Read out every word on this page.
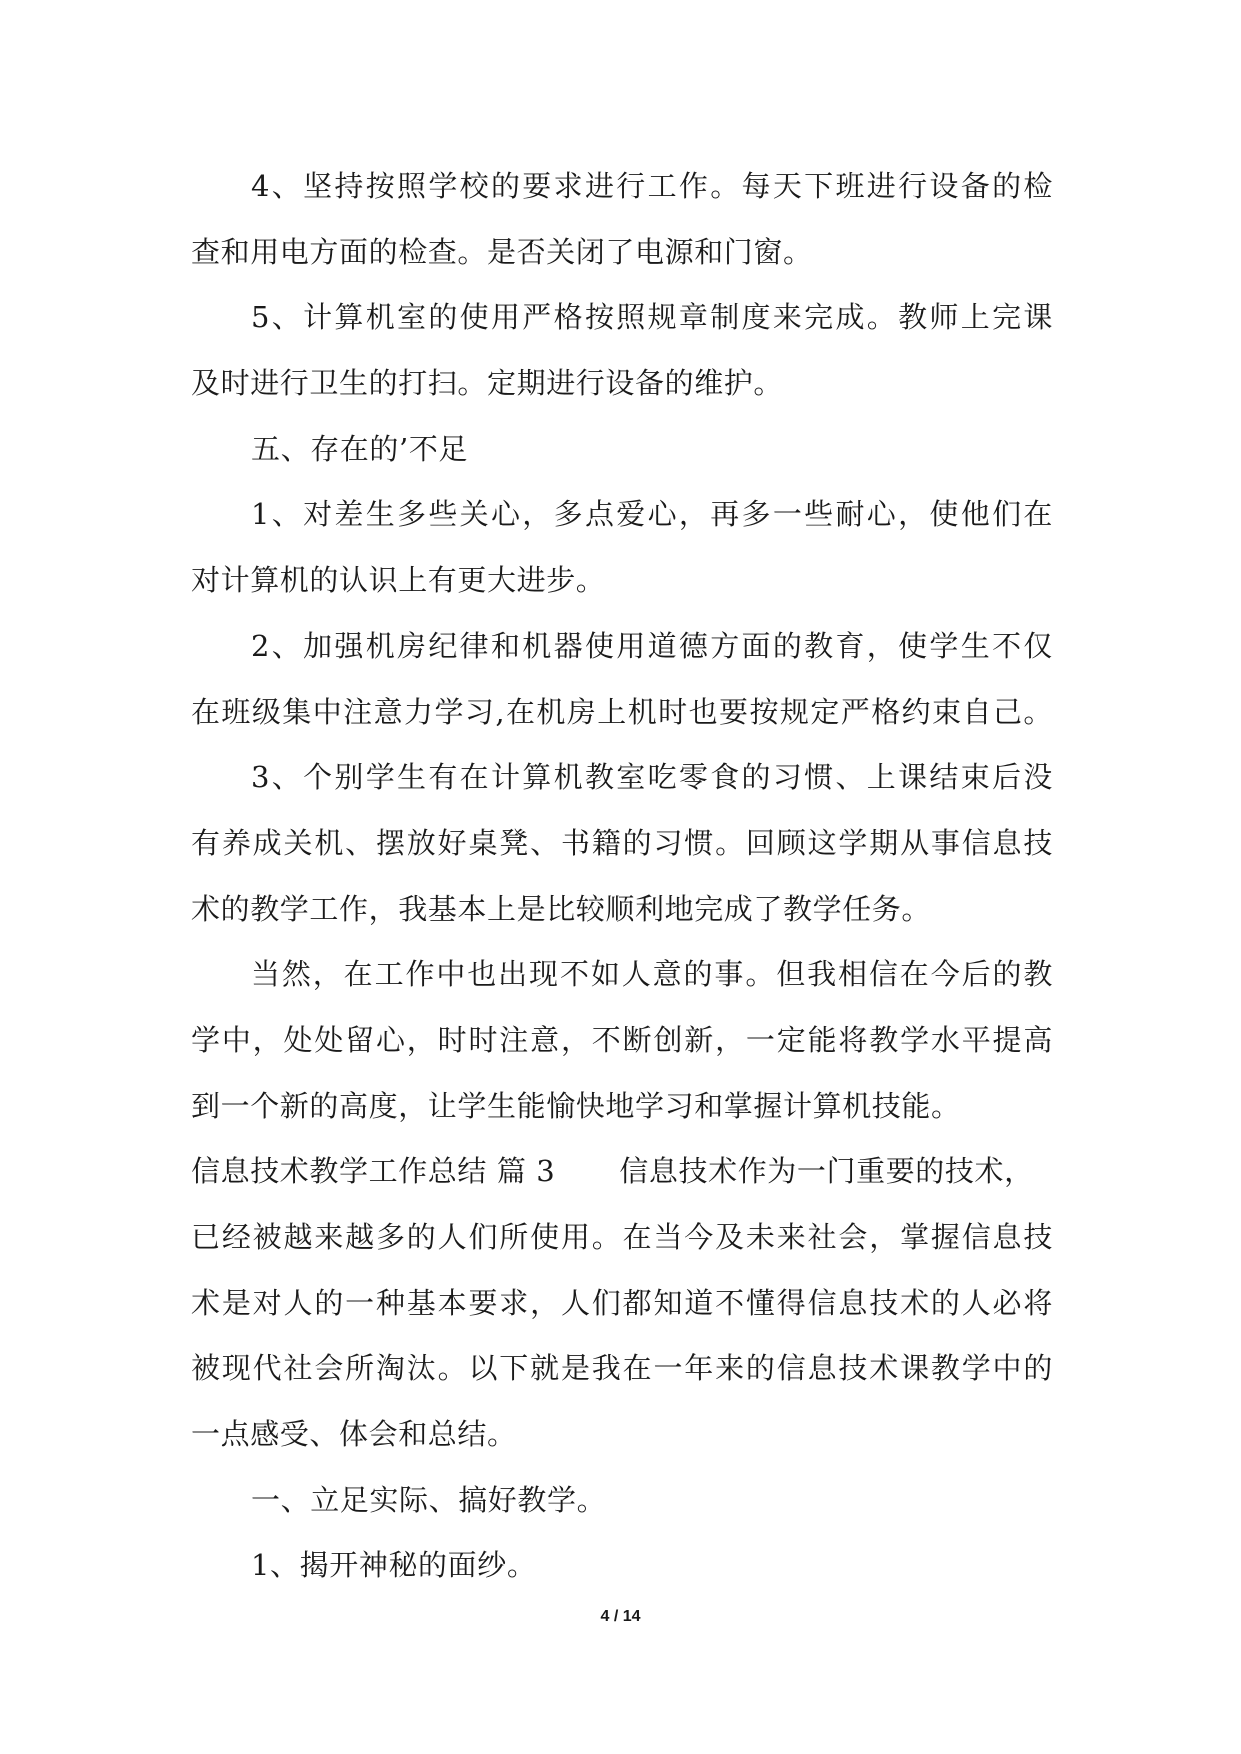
4、坚持按照学校的要求进行工作。每天下班进行设备的检
查和用电方面的检查。是否关闭了电源和门窗。
5、计算机室的使用严格按照规章制度来完成。教师上完课
及时进行卫生的打扫。定期进行设备的维护。
五、存在的’不足
1、对差生多些关心，多点爱心，再多一些耐心，使他们在
对计算机的认识上有更大进步。
2、加强机房纪律和机器使用道德方面的教育，使学生不仅
在班级集中注意力学习,在机房上机时也要按规定严格约束自己。
3、个别学生有在计算机教室吃零食的习惯、上课结束后没
有养成关机、摆放好桌凳、书籍的习惯。回顾这学期从事信息技
术的教学工作，我基本上是比较顺利地完成了教学任务。
当然，在工作中也出现不如人意的事。但我相信在今后的教
学中，处处留心，时时注意，不断创新，一定能将教学水平提高
到一个新的高度，让学生能愉快地学习和掌握计算机技能。
信息技术教学工作总结 篇 3 信息技术作为一门重要的技术，
已经被越来越多的人们所使用。在当今及未来社会，掌握信息技
术是对人的一种基本要求，人们都知道不懂得信息技术的人必将
被现代社会所淘汰。以下就是我在一年来的信息技术课教学中的
一点感受、体会和总结。
一、立足实际、搞好教学。
1、揭开神秘的面纱。
4 / 14
